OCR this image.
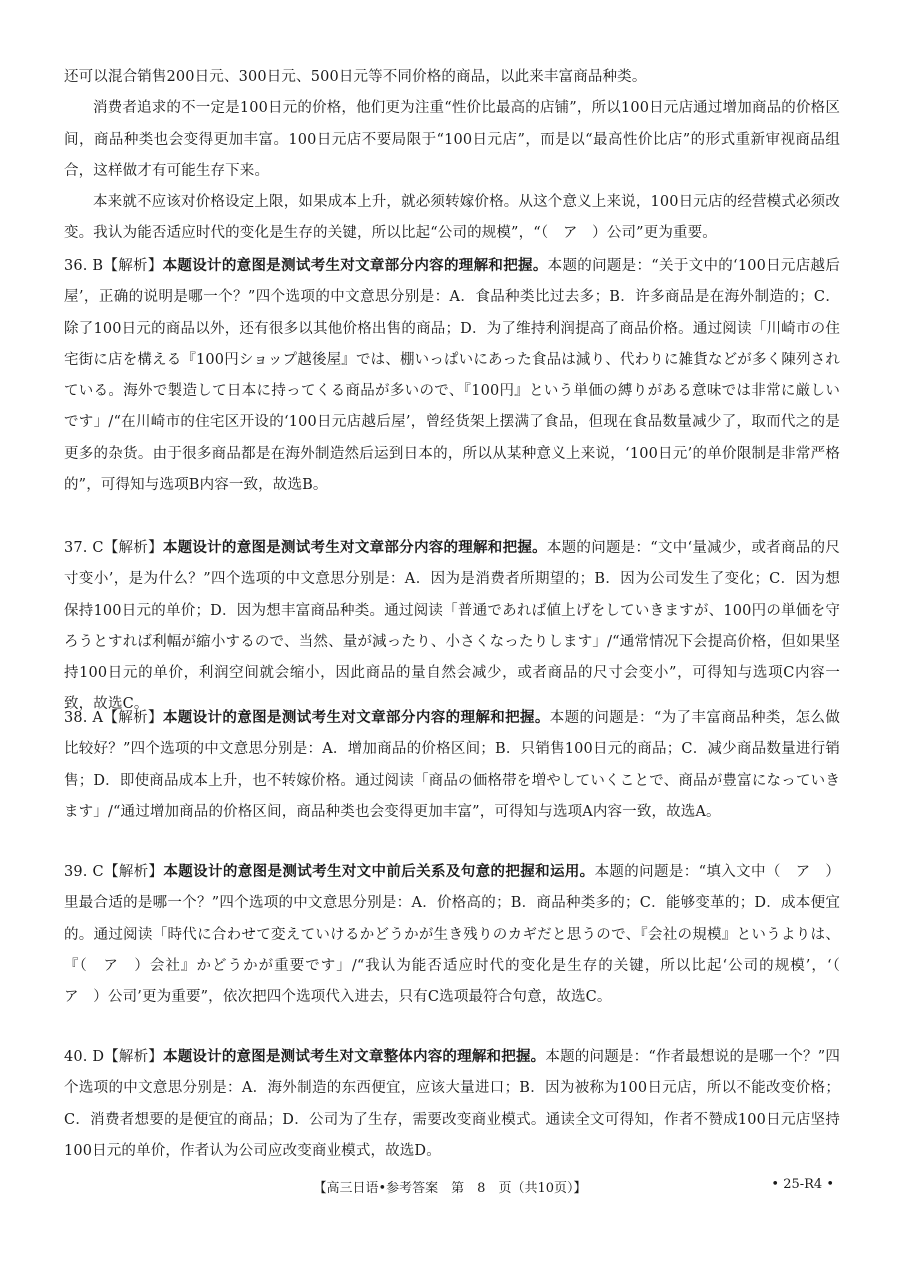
还可以混合销售200日元、300日元、500日元等不同价格的商品，以此来丰富商品种类。

消费者追求的不一定是100日元的价格，他们更为注重“性价比最高的店铺”，所以100日元店通过增加商品的价格区间，商品种类也会变得更加丰富。100日元店不要局限于“100日元店”，而是以“最高性价比店”的形式重新审视商品组合，这样做才有可能生存下来。

本来就不应该对价格设定上限，如果成本上升，就必须转嫁价格。从这个意义上来说，100日元店的经营模式必须改变。我认为能否适应时代的变化是生存的关键，所以比起“公司的规模”，“（　ア　）公司”更为重要。

36. B【解析】本题设计的意图是测试考生对文章部分内容的理解和把握。本题的问题是：“关于文中的‘100日元店越后屋’，正确的说明是哪一个？”四个选项的中文意思分别是：A．食品种类比过去多；B．许多商品是在海外制造的；C．除了100日元的商品以外，还有很多以其他价格出售的商品；D．为了维持利润提高了商品价格。通过阅读「川崎市の住宅街に店を構える『100円ショップ越後屋』では、棚いっぱいにあった食品は減り、代わりに雑貨などが多く陳列されている。海外で製造して日本に持ってくる商品が多いので、『100円』という単価の縛りがある意味では非常に厳しいです」/“在川崎市的住宅区开设的‘100日元店越后屋’，曾经货架上摆满了食品，但现在食品数量减少了，取而代之的是更多的杂货。由于很多商品都是在海外制造然后运到日本的，所以从某种意义上来说，‘100日元’的单价限制是非常严格的”，可得知与选项B内容一致，故选B。

37. C【解析】本题设计的意图是测试考生对文章部分内容的理解和把握。本题的问题是：“文中‘量减少，或者商品的尺寸变小’，是为什么？”四个选项的中文意思分别是：A．因为是消费者所期望的；B．因为公司发生了变化；C．因为想保持100日元的单价；D．因为想丰富商品种类。通过阅读「普通であれば値上げをしていきますが、100円の単価を守ろうとすれば利幅が縮小するので、当然、量が減ったり、小さくなったりします」/“通常情况下会提高价格，但如果坚持100日元的单价，利润空间就会缩小，因此商品的量自然会减少，或者商品的尺寸会变小”，可得知与选项C内容一致，故选C。

38. A【解析】本题设计的意图是测试考生对文章部分内容的理解和把握。本题的问题是：“为了丰富商品种类，怎么做比较好？”四个选项的中文意思分别是：A．增加商品的价格区间；B．只销售100日元的商品；C．减少商品数量进行销售；D．即使商品成本上升，也不转嫁价格。通过阅读「商品の価格帯を増やしていくことで、商品が豊富になっていきます」/“通过增加商品的价格区间，商品种类也会变得更加丰富”，可得知与选项A内容一致，故选A。

39. C【解析】本题设计的意图是测试考生对文中前后关系及句意的把握和运用。本题的问题是：“填入文中（　ア　）里最合适的是哪一个？”四个选项的中文意思分别是：A．价格高的；B．商品种类多的；C．能够变革的；D．成本便宜的。通过阅读「時代に合わせて変えていけるかどうかが生き残りのカギだと思うので、『会社の規模』というよりは、『（　ア　）会社』かどうかが重要です」/“我认为能否适应时代的变化是生存的关键，所以比起‘公司的规模’，‘（　ア　）公司’更为重要”，依次把四个选项代入进去，只有C选项最符合句意，故选C。

40. D【解析】本题设计的意图是测试考生对文章整体内容的理解和把握。本题的问题是：“作者最想说的是哪一个？”四个选项的中文意思分别是：A．海外制造的东西便宜，应该大量进口；B．因为被称为100日元店，所以不能改变价格；C．消费者想要的是便宜的商品；D．公司为了生存，需要改变商业模式。通读全文可得知，作者不赞成100日元店坚持100日元的单价，作者认为公司应改变商业模式，故选D。

【高三日语•参考答案　第　8　页（共10页）】	• 25-R4 •
